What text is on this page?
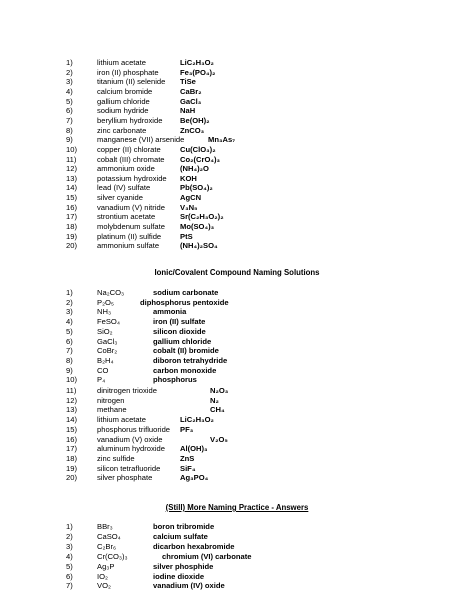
1)	lithium acetate	LiC₂H₃O₂
2)	iron (II) phosphate	Fe₃(PO₄)₂
3)	titanium (II) selenide TiSe
4)	calcium bromide	CaBr₂
5)	gallium chloride	GaCl₃
6)	sodium hydride	NaH
7)	beryllium hydroxide Be(OH)₂
8)	zinc carbonate	ZnCO₃
9)	manganese (VII) arsenide	Mn₃As₇
10)	copper (II) chlorate	Cu(ClO₃)₂
11)	cobalt (III) chromate Co₂(CrO₄)₃
12)	ammonium oxide	(NH₄)₂O
13)	potassium hydroxide KOH
14)	lead (IV) sulfate	Pb(SO₄)₂
15)	silver cyanide	AgCN
16)	vanadium (V) nitride V₃N₅
17)	strontium acetate	Sr(C₂H₃O₂)₂
18)	molybdenum sulfate Mo(SO₄)₃
19)	platinum (II) sulfide PtS
20)	ammonium sulfate	(NH₄)₂SO₄
Ionic/Covalent Compound Naming Solutions
1)	Na₂CO₃	sodium carbonate
2)	P₂O₅	diphosphorus pentoxide
3)	NH₃	ammonia
4)	FeSO₄	iron (II) sulfate
5)	SiO₂	silicon dioxide
6)	GaCl₃	gallium chloride
7)	CoBr₂	cobalt (II) bromide
8)	B₂H₄	diboron tetrahydride
9)	CO	carbon monoxide
10)	P₄	phosphorus
11)	dinitrogen trioxide	N₂O₃
12)	nitrogen	N₂
13)	methane	CH₄
14)	lithium acetate	LiC₂H₃O₂
15)	phosphorus trifluoride PF₃
16)	vanadium (V) oxide	V₂O₅
17)	aluminum hydroxide Al(OH)₃
18)	zinc sulfide	ZnS
19)	silicon tetrafluoride	SiF₄
20)	silver phosphate	Ag₃PO₄
(Still) More Naming Practice - Answers
1)	BBr₃	boron tribromide
2)	CaSO₄	calcium sulfate
3)	C₂Br₆	dicarbon hexabromide
4)	Cr(CO₃)₃	chromium (VI) carbonate
5)	Ag₃P	silver phosphide
6)	IO₂	iodine dioxide
7)	VO₂	vanadium (IV) oxide
